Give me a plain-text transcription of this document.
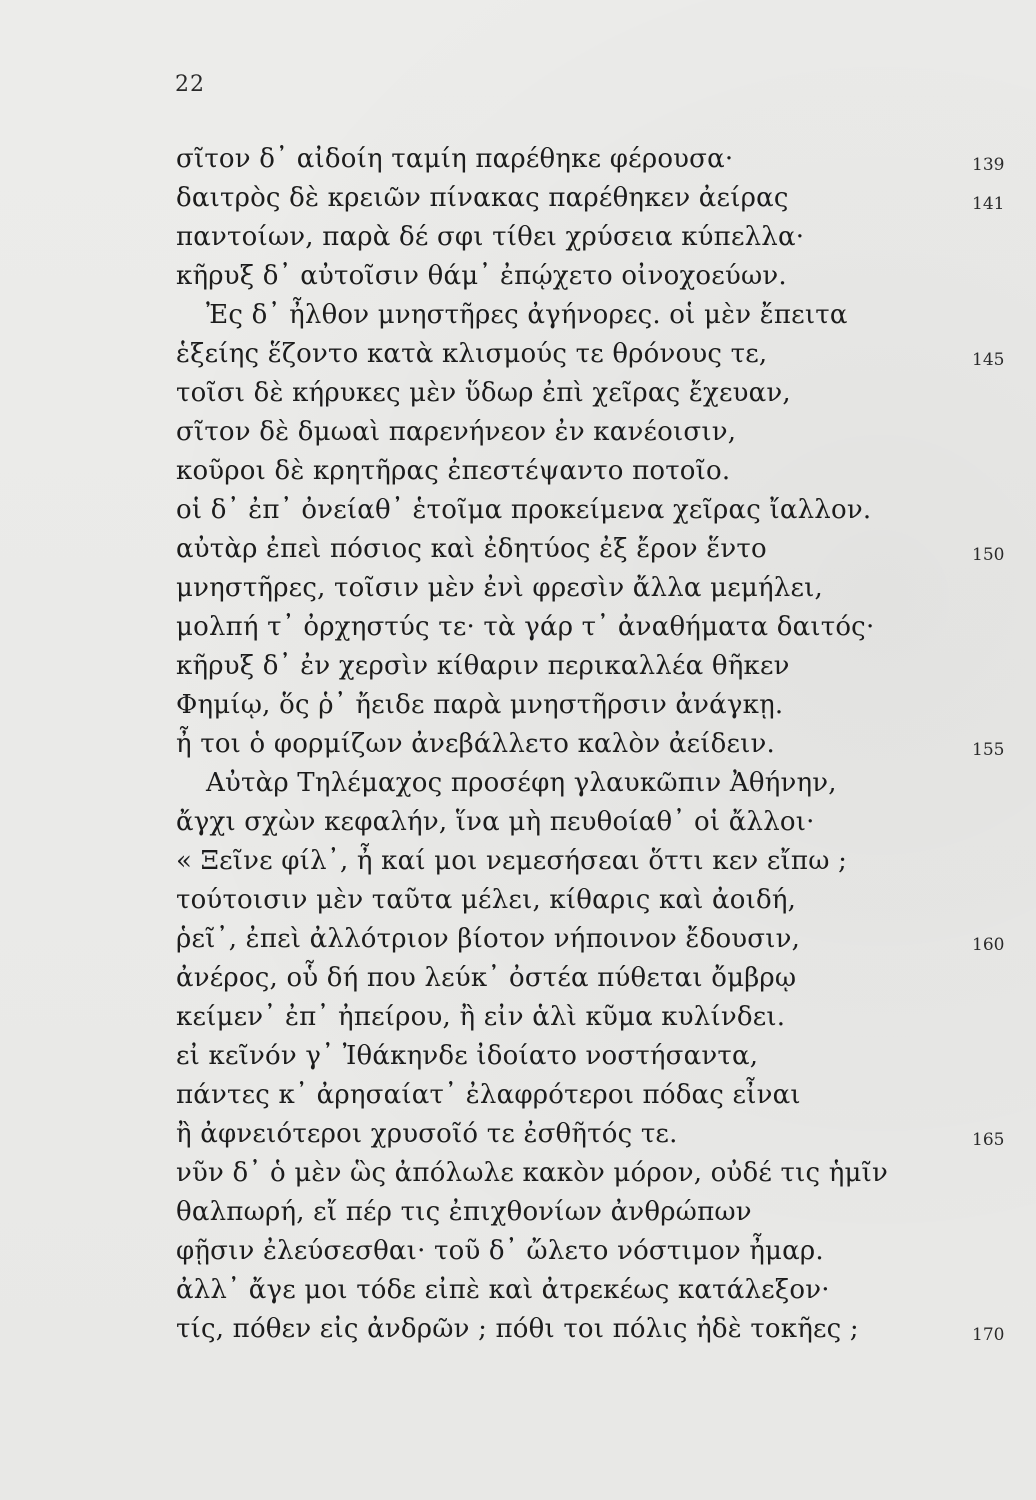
22
σῖτον δ᾽ αἰδοίη ταμίη παρέθηκε φέρουσα·	139
δαιτρὸς δὲ κρειῶν πίνακας παρέθηκεν ἀείρας	141
παντοίων, παρὰ δέ σφι τίθει χρύσεια κύπελλα·
κῆρυξ δ᾽ αὐτοῖσιν θάμ᾽ ἐπῴχετο οἰνοχοεύων.
Ἐς δ᾽ ἦλθον μνηστῆρες ἀγήνορες. οἱ μὲν ἔπειτα
ἑξείης ἕζοντο κατὰ κλισμούς τε θρόνους τε,	145
τοῖσι δὲ κήρυκες μὲν ὕδωρ ἐπὶ χεῖρας ἔχευαν,
σῖτον δὲ δμωαὶ παρενήνεον ἐν κανέοισιν,
κοῦροι δὲ κρητῆρας ἐπεστέψαντο ποτοῖο.
οἱ δ᾽ ἐπ᾽ ὀνείαθ᾽ ἑτοῖμα προκείμενα χεῖρας ἴαλλον.
αὐτὰρ ἐπεὶ πόσιος καὶ ἐδητύος ἐξ ἔρον ἕντο	150
μνηστῆρες, τοῖσιν μὲν ἐνὶ φρεσὶν ἄλλα μεμήλει,
μολπή τ᾽ ὀρχηστύς τε· τὰ γάρ τ᾽ ἀναθήματα δαιτός·
κῆρυξ δ᾽ ἐν χερσὶν κίθαριν περικαλλέα θῆκεν
Φημίῳ, ὅς ῥ᾽ ἤειδε παρὰ μνηστῆρσιν ἀνάγκῃ.
ἦ τοι ὁ φορμίζων ἀνεβάλλετο καλὸν ἀείδειν.	155
Αὐτὰρ Τηλέμαχος προσέφη γλαυκῶπιν Ἀθήνην,
ἄγχι σχὼν κεφαλήν, ἵνα μὴ πευθοίαθ᾽ οἱ ἄλλοι·
« Ξεῖνε φίλ᾽, ἦ καί μοι νεμεσήσεαι ὅττι κεν εἴπω ;
τούτοισιν μὲν ταῦτα μέλει, κίθαρις καὶ ἀοιδή,
ῥεῖ᾽, ἐπεὶ ἀλλότριον βίοτον νήποινον ἔδουσιν,	160
ἀνέρος, οὗ δή που λεύκ᾽ ὀστέα πύθεται ὄμβρῳ
κείμεν᾽ ἐπ᾽ ἠπείρου, ἢ εἰν ἁλὶ κῦμα κυλίνδει.
εἰ κεῖνόν γ᾽ Ἰθάκηνδε ἰδοίατο νοστήσαντα,
πάντες κ᾽ ἀρησαίατ᾽ ἐλαφρότεροι πόδας εἶναι
ἢ ἀφνειότεροι χρυσοῖό τε ἐσθῆτός τε.	165
νῦν δ᾽ ὁ μὲν ὣς ἀπόλωλε κακὸν μόρον, οὐδέ τις ἡμῖν
θαλπωρή, εἴ πέρ τις ἐπιχθονίων ἀνθρώπων
φῇσιν ἐλεύσεσθαι· τοῦ δ᾽ ὤλετο νόστιμον ἦμαρ.
ἀλλ᾽ ἄγε μοι τόδε εἰπὲ καὶ ἀτρεκέως κατάλεξον·
τίς, πόθεν εἰς ἀνδρῶν ; πόθι τοι πόλις ἠδὲ τοκῆες ;	170
